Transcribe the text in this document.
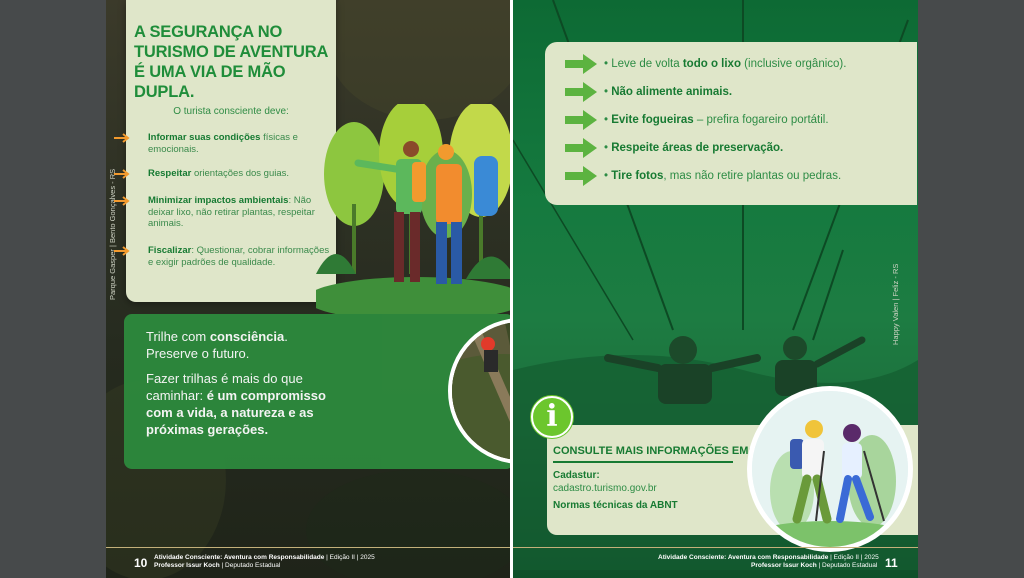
Parque Gasper | Bento Gonçalves - RS
A SEGURANÇA NO TURISMO DE AVENTURA É UMA VIA DE MÃO DUPLA.
O turista consciente deve:
Informar suas condições físicas e emocionais.
Respeitar orientações dos guias.
Minimizar impactos ambientais: Não deixar lixo, não retirar plantas, respeitar animais.
Fiscalizar: Questionar, cobrar informações e exigir padrões de qualidade.
Trilhe com consciência.
Preserve o futuro.
Fazer trilhas é mais do que caminhar: é um compromisso com a vida, a natureza e as próximas gerações.
10 Atividade Consciente: Aventura com Responsabilidade | Edição II | 2025
Professor Issur Koch | Deputado Estadual
Happy Valen | Feliz - RS
• Leve de volta todo o lixo (inclusive orgânico).
• Não alimente animais.
• Evite fogueiras – prefira fogareiro portátil.
• Respeite áreas de preservação.
• Tire fotos, mas não retire plantas ou pedras.
CONSULTE MAIS INFORMAÇÕES EM:
Cadastur:
cadastro.turismo.gov.br
Normas técnicas da ABNT
i
Atividade Consciente: Aventura com Responsabilidade | Edição II | 2025
Professor Issur Koch | Deputado Estadual 11
